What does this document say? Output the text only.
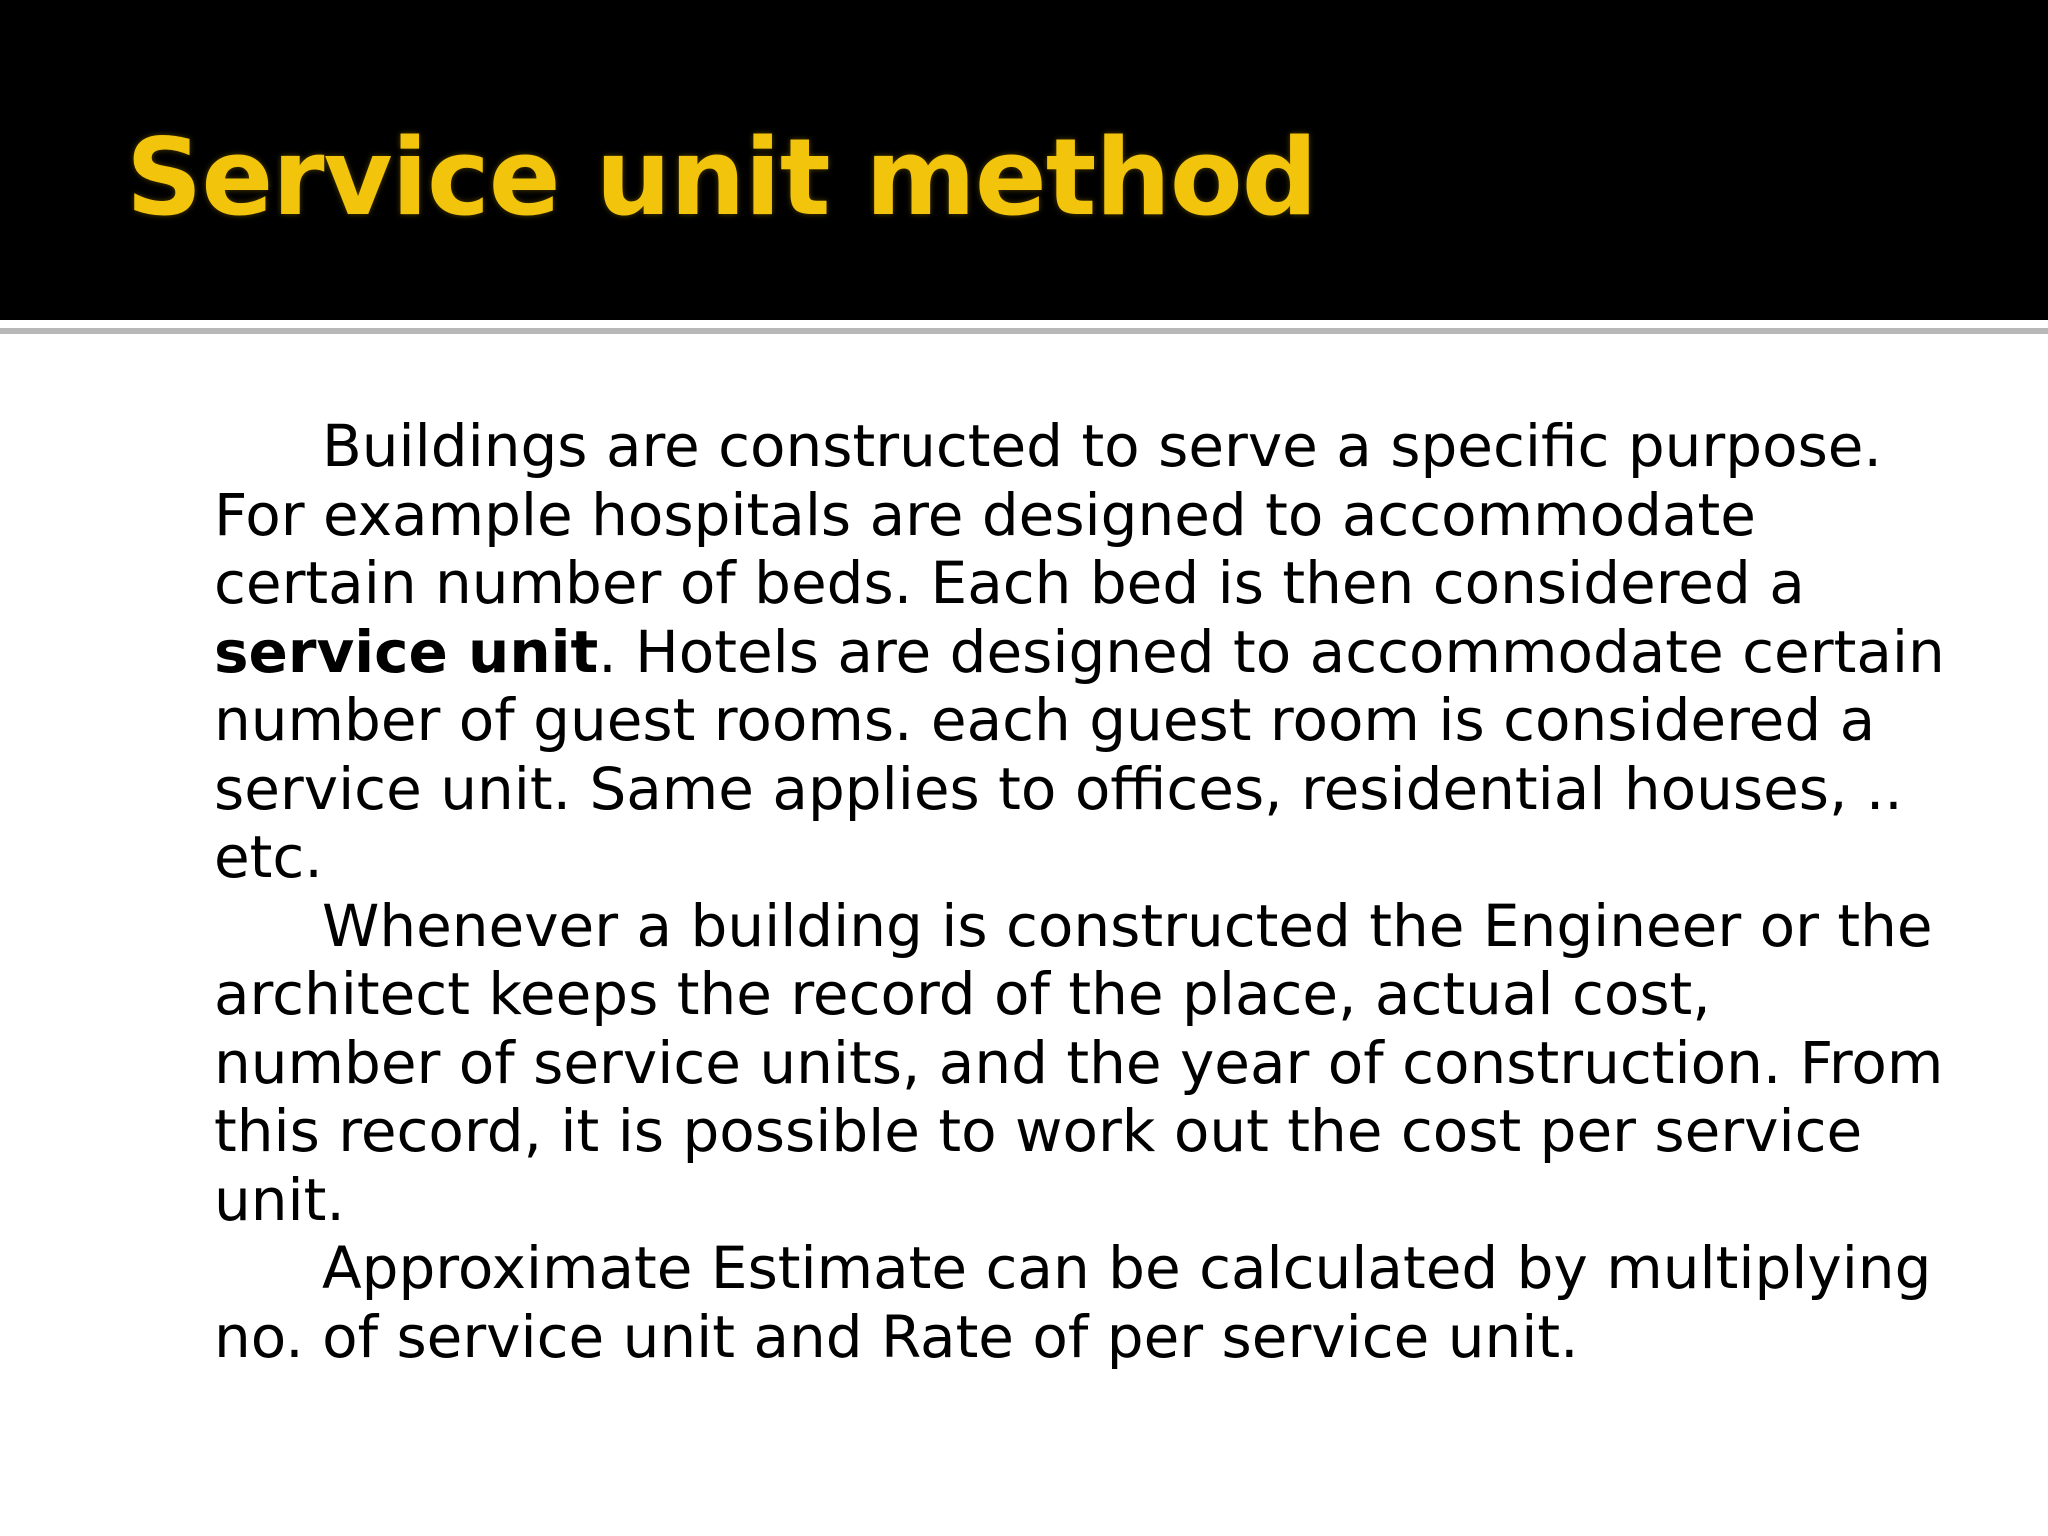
Service unit method

Buildings are constructed to serve a specific purpose. For example hospitals are designed to accommodate certain number of beds. Each bed is then considered a service unit. Hotels are designed to accommodate certain number of guest rooms. each guest room is considered a service unit. Same applies to offices, residential houses, .. etc.

Whenever a building is constructed the Engineer or the architect keeps the record of the place, actual cost, number of service units, and the year of construction. From this record, it is possible to work out the cost per service unit.

Approximate Estimate can be calculated by multiplying no. of service unit and Rate of per service unit.
